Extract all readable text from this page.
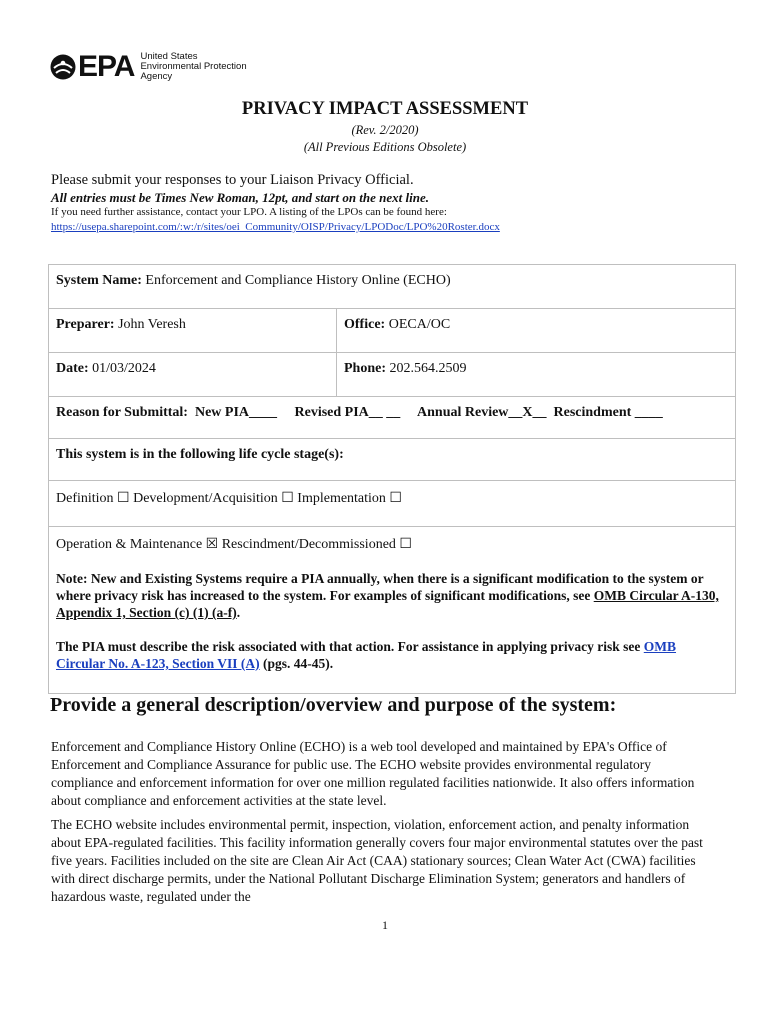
EPA United States
Environmental Protection
Agency
PRIVACY IMPACT ASSESSMENT
(Rev. 2/2020)
(All Previous Editions Obsolete)
Please submit your responses to your Liaison Privacy Official.
All entries must be Times New Roman, 12pt, and start on the next line.
If you need further assistance, contact your LPO. A listing of the LPOs can be found here:
https://usepa.sharepoint.com/:w:/r/sites/oei_Community/OISP/Privacy/LPODoc/LPO%20Roster.docx
System Name: Enforcement and Compliance History Online (ECHO)
Preparer: John Veresh	Office: OECA/OC
Date: 01/03/2024	Phone: 202.564.2509
Reason for Submittal:  New PIA____     Revised PIA__ __     Annual Review__X__  Rescindment ____
This system is in the following life cycle stage(s):
Definition ☐ Development/Acquisition ☐ Implementation ☐
Operation & Maintenance ☒ Rescindment/Decommissioned ☐
Note: New and Existing Systems require a PIA annually, when there is a significant modification to the system or where privacy risk has increased to the system. For examples of significant modifications, see OMB Circular A-130, Appendix 1, Section (c) (1) (a-f).
The PIA must describe the risk associated with that action. For assistance in applying privacy risk see OMB Circular No. A-123, Section VII (A) (pgs. 44-45).
Provide a general description/overview and purpose of the system:

Enforcement and Compliance History Online (ECHO) is a web tool developed and maintained by EPA's Office of Enforcement and Compliance Assurance for public use. The ECHO website provides environmental regulatory compliance and enforcement information for over one million regulated facilities nationwide. It also offers information about compliance and enforcement activities at the state level.

The ECHO website includes environmental permit, inspection, violation, enforcement action, and penalty information about EPA-regulated facilities. This facility information generally covers four major environmental statutes over the past five years. Facilities included on the site are Clean Air Act (CAA) stationary sources; Clean Water Act (CWA) facilities with direct discharge permits, under the National Pollutant Discharge Elimination System; generators and handlers of hazardous waste, regulated under the

1
